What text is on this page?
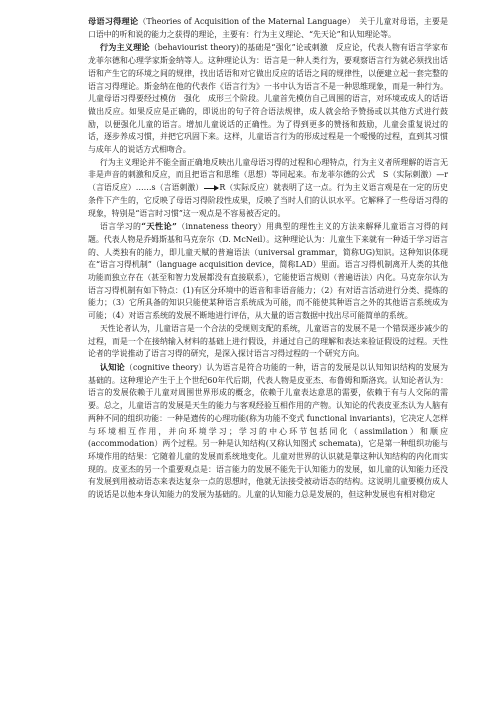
母语习得理论（Theories of Acquisition of the Maternal Language）　关于儿童对母语，主要是口语中的听和说的能力之获得的理论，主要有：行为主义理论、“先天论”和认知理论等。

行为主义理论（behaviourist theory)的基础是“强化”论或刺激　反应论，代表人物有语言学家布龙菲尔德和心理学家斯金纳等人。这种理论认为：语言是一种人类行为，要观察语言行为就必须找出话语和产生它的环境之间的规律，找出话语和对它做出反应的话语之间的规律性，以便建立起一套完整的语言习得理论。斯金纳在他的代表作《语言行为》一书中认为语言不是一种思维现象，而是一种行为。儿童母语习得要经过模仿　强化　成形三个阶段。儿童首先模仿自己周围的语言，对环境或成人的话语做出反应。如果反应是正确的，即说出的句子符合语法规律，成人就会给予赞扬或以其他方式进行鼓励，以便强化儿童的语言。增加儿童说话的正确性。为了得到更多的赞扬和鼓励，儿童会重复说过的话，逐步养成习惯，并把它巩固下来。这样，儿童语言行为的形成过程是一个嗳慢的过程，直到其习惯与成年人的说话方式相吻合。

行为主义理论并不能全面正确地反映出儿童母语习得的过程和心理特点，行为主义者所理解的语言无非是声音的刺激和反应，而且把语言和思维（思想）等同起来。布龙菲尔德的公式　S（实际刺激）—r（言语反应）……s（言语刺激） R（实际反应）就表明了这一点。行为主义语言观是在一定的历史条件下产生的，它反映了母语习得阶段性成果，反映了当时人们的认识水平。它解释了一些母语习得的现象，特别是“语言时习惯”这一观点是不容易被否定的。

语言学习的“天性论”（innateness theory）用典型的理性主义的方法来解释儿童语言习得的问题。代表人物是乔姆斯基和马克奈尔（D. McNeil）。这种理论认为：儿童生下来就有一种适于学习语言的、人类独有的能力，即儿童天赋的普遍语法（universal grammar，简称UG)知识。这种知识体现在“语言习得机制”（language acquisition device，简称LAD）里面。语言习得机制离开人类的其他功能而独立存在（甚至和智力发展都没有直接联系），它能使语言规则（普遍语法）内化。马克奈尔认为语言习得机制有如下特点：(1)有区分环境中的语音和非语音能力；（2）有对语言活动进行分类、提炼的能力；（3）它所具备的知识只能使某种语言系统成为可能，而不能使其种语言之外的其他语言系统成为可能；（4）对语言系统的发展不断地进行评估，从大量的语言数据中找出尽可能简单的系统。

天性论者认为，儿童语言是一个合法的受规则支配的系统，儿童语言的发展不是一个错误逐步减少的过程，而是一个在接纳输入材料的基础上进行假设，并通过自己的理解和表达来验证假设的过程。天性论者的学说推动了语言习得的研究，是深入探讨语言习得过程的一个研究方向。

认知论（cognitive theory）认为语言是符合功能的一种，语言的发展是以认知知识结构的发展为基础的。这种理论产生于上个世纪60年代后期，代表人物是皮亚杰、布鲁姆和斯洛宾。认知论者认为：语言的发展依赖于儿童对周围世界形成的概念，依赖于儿童表达意思的需要，依赖于有与人交际的需要。总之，儿童语言的发展是天生的能力与客观经验互相作用的产物。认知论的代表皮亚杰认为人脑有两种不同的组织功能：一种是遗传的心理功能(称为功能不变式 functional invariants)，它决定人怎样与环境相互作用，并向环境学习；学习的中心环节包括同化（assimilation）和顺应(accommodation）两个过程。另一种是认知结构(又称认知图式 schemata)，它是第一种组织功能与环境作用的结果：它随着儿童的发展而系统地变化。儿童对世界的认识就是靠这种认知结构的内化而实现的。皮亚杰的另一个重要观点是：语言能力的发展不能先于认知能力的发展，如儿童的认知能力还没有发展到用被动语态来表达复杂一点的思想时，他就无法接受被动语态的结构。这说明儿童要模仿成人的说话是以他本身认知能力的发展为基础的。儿童的认知能力总是发展的，但这种发展也有相对稳定
